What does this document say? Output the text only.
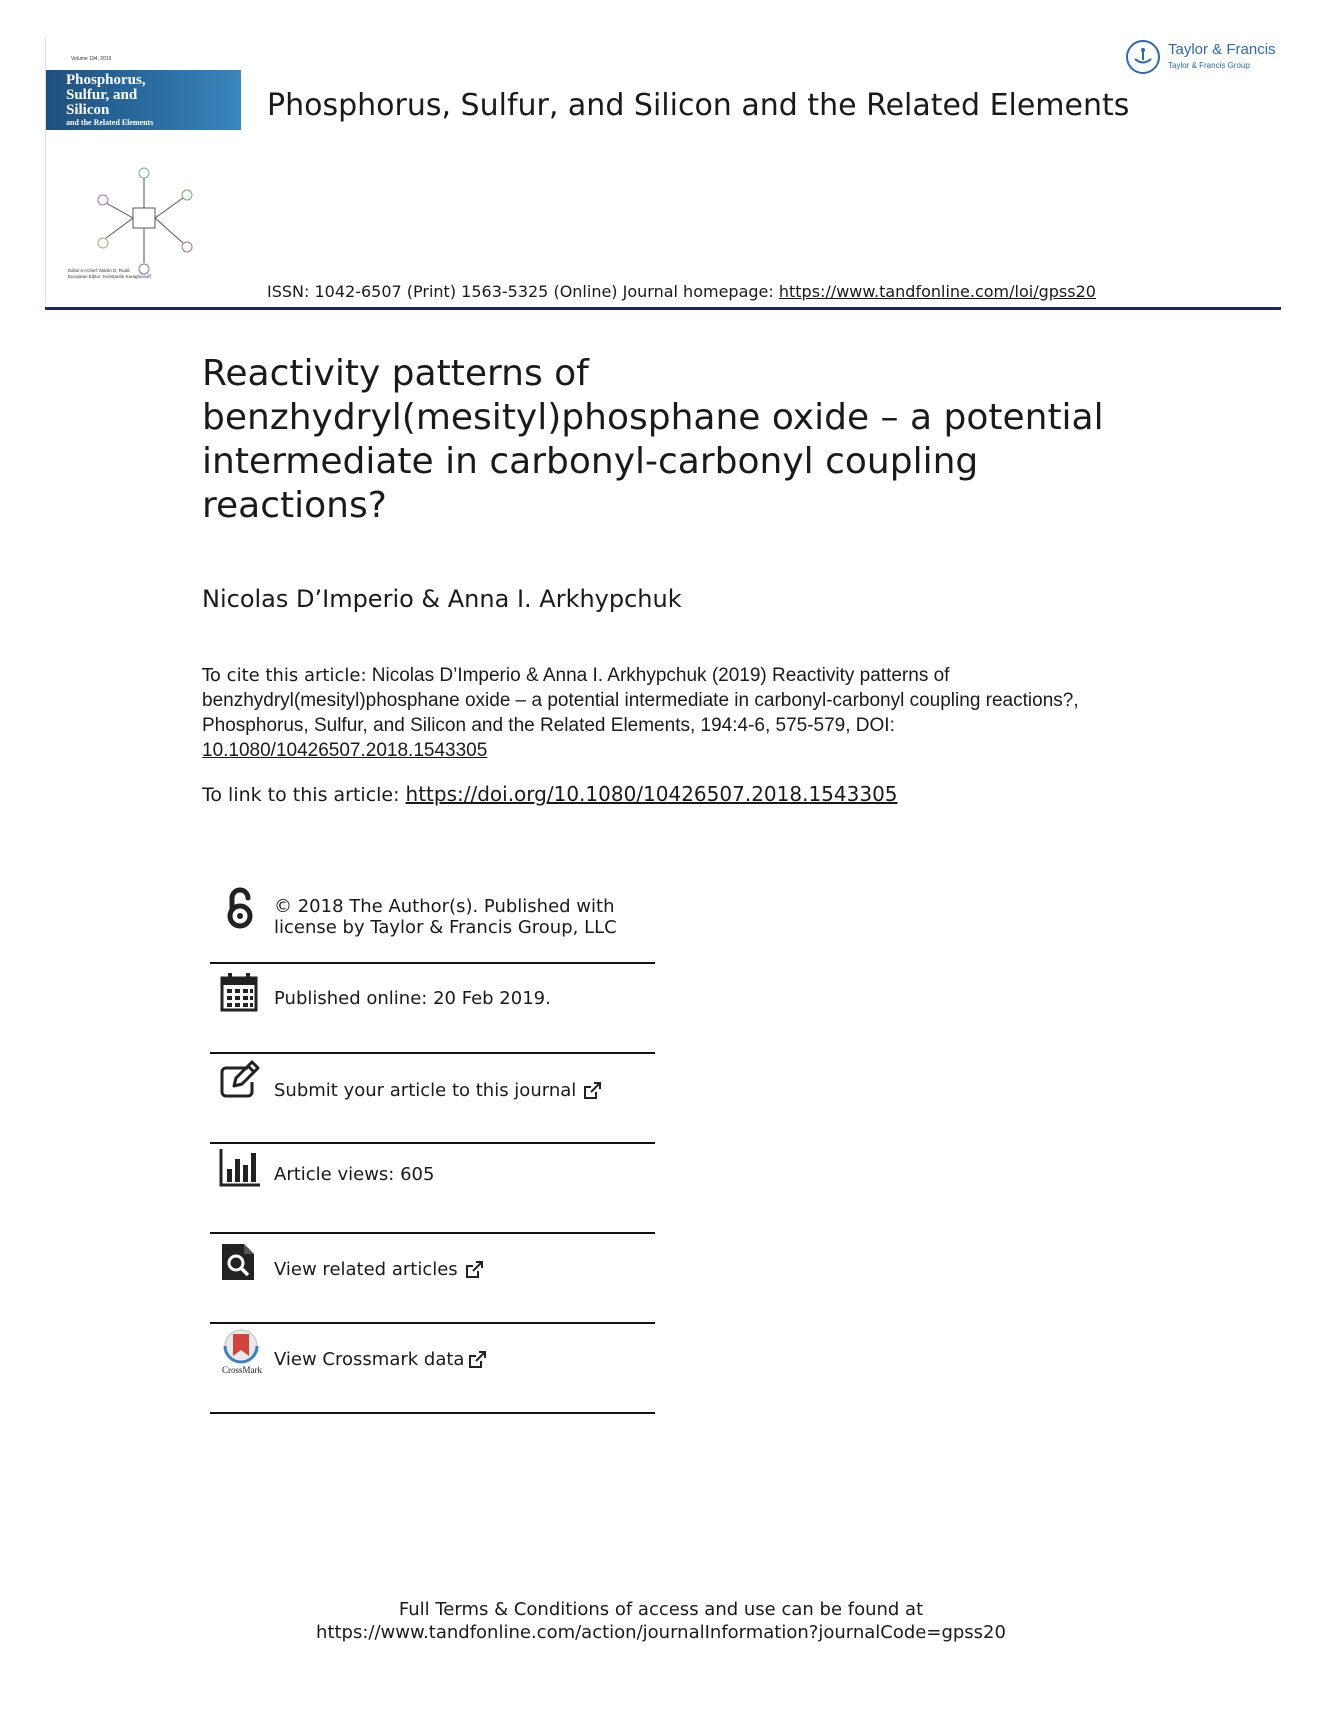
Volume 194, 2019
Phosphorus,
Sulfur, and
Silicon
and the Related Elements
Editor-in-Chief: Martin D. Rudd
European Editor: Konstantin Karaghiosoff
Taylor & Francis
Taylor & Francis Group
Phosphorus, Sulfur, and Silicon and the Related Elements
ISSN: 1042-6507 (Print) 1563-5325 (Online) Journal homepage: https://www.tandfonline.com/loi/gpss20
Reactivity patterns of benzhydryl(mesityl)phosphane oxide – a potential intermediate in carbonyl-carbonyl coupling reactions?
Nicolas D’Imperio & Anna I. Arkhypchuk
To cite this article: Nicolas D’Imperio & Anna I. Arkhypchuk (2019) Reactivity patterns of benzhydryl(mesityl)phosphane oxide – a potential intermediate in carbonyl-carbonyl coupling reactions?, Phosphorus, Sulfur, and Silicon and the Related Elements, 194:4-6, 575-579, DOI: 10.1080/10426507.2018.1543305
To link to this article: https://doi.org/10.1080/10426507.2018.1543305
© 2018 The Author(s). Published with
license by Taylor & Francis Group, LLC
Published online: 20 Feb 2019.
Submit your article to this journal
Article views: 605
View related articles
CrossMark View Crossmark data
Full Terms & Conditions of access and use can be found at
https://www.tandfonline.com/action/journalInformation?journalCode=gpss20
